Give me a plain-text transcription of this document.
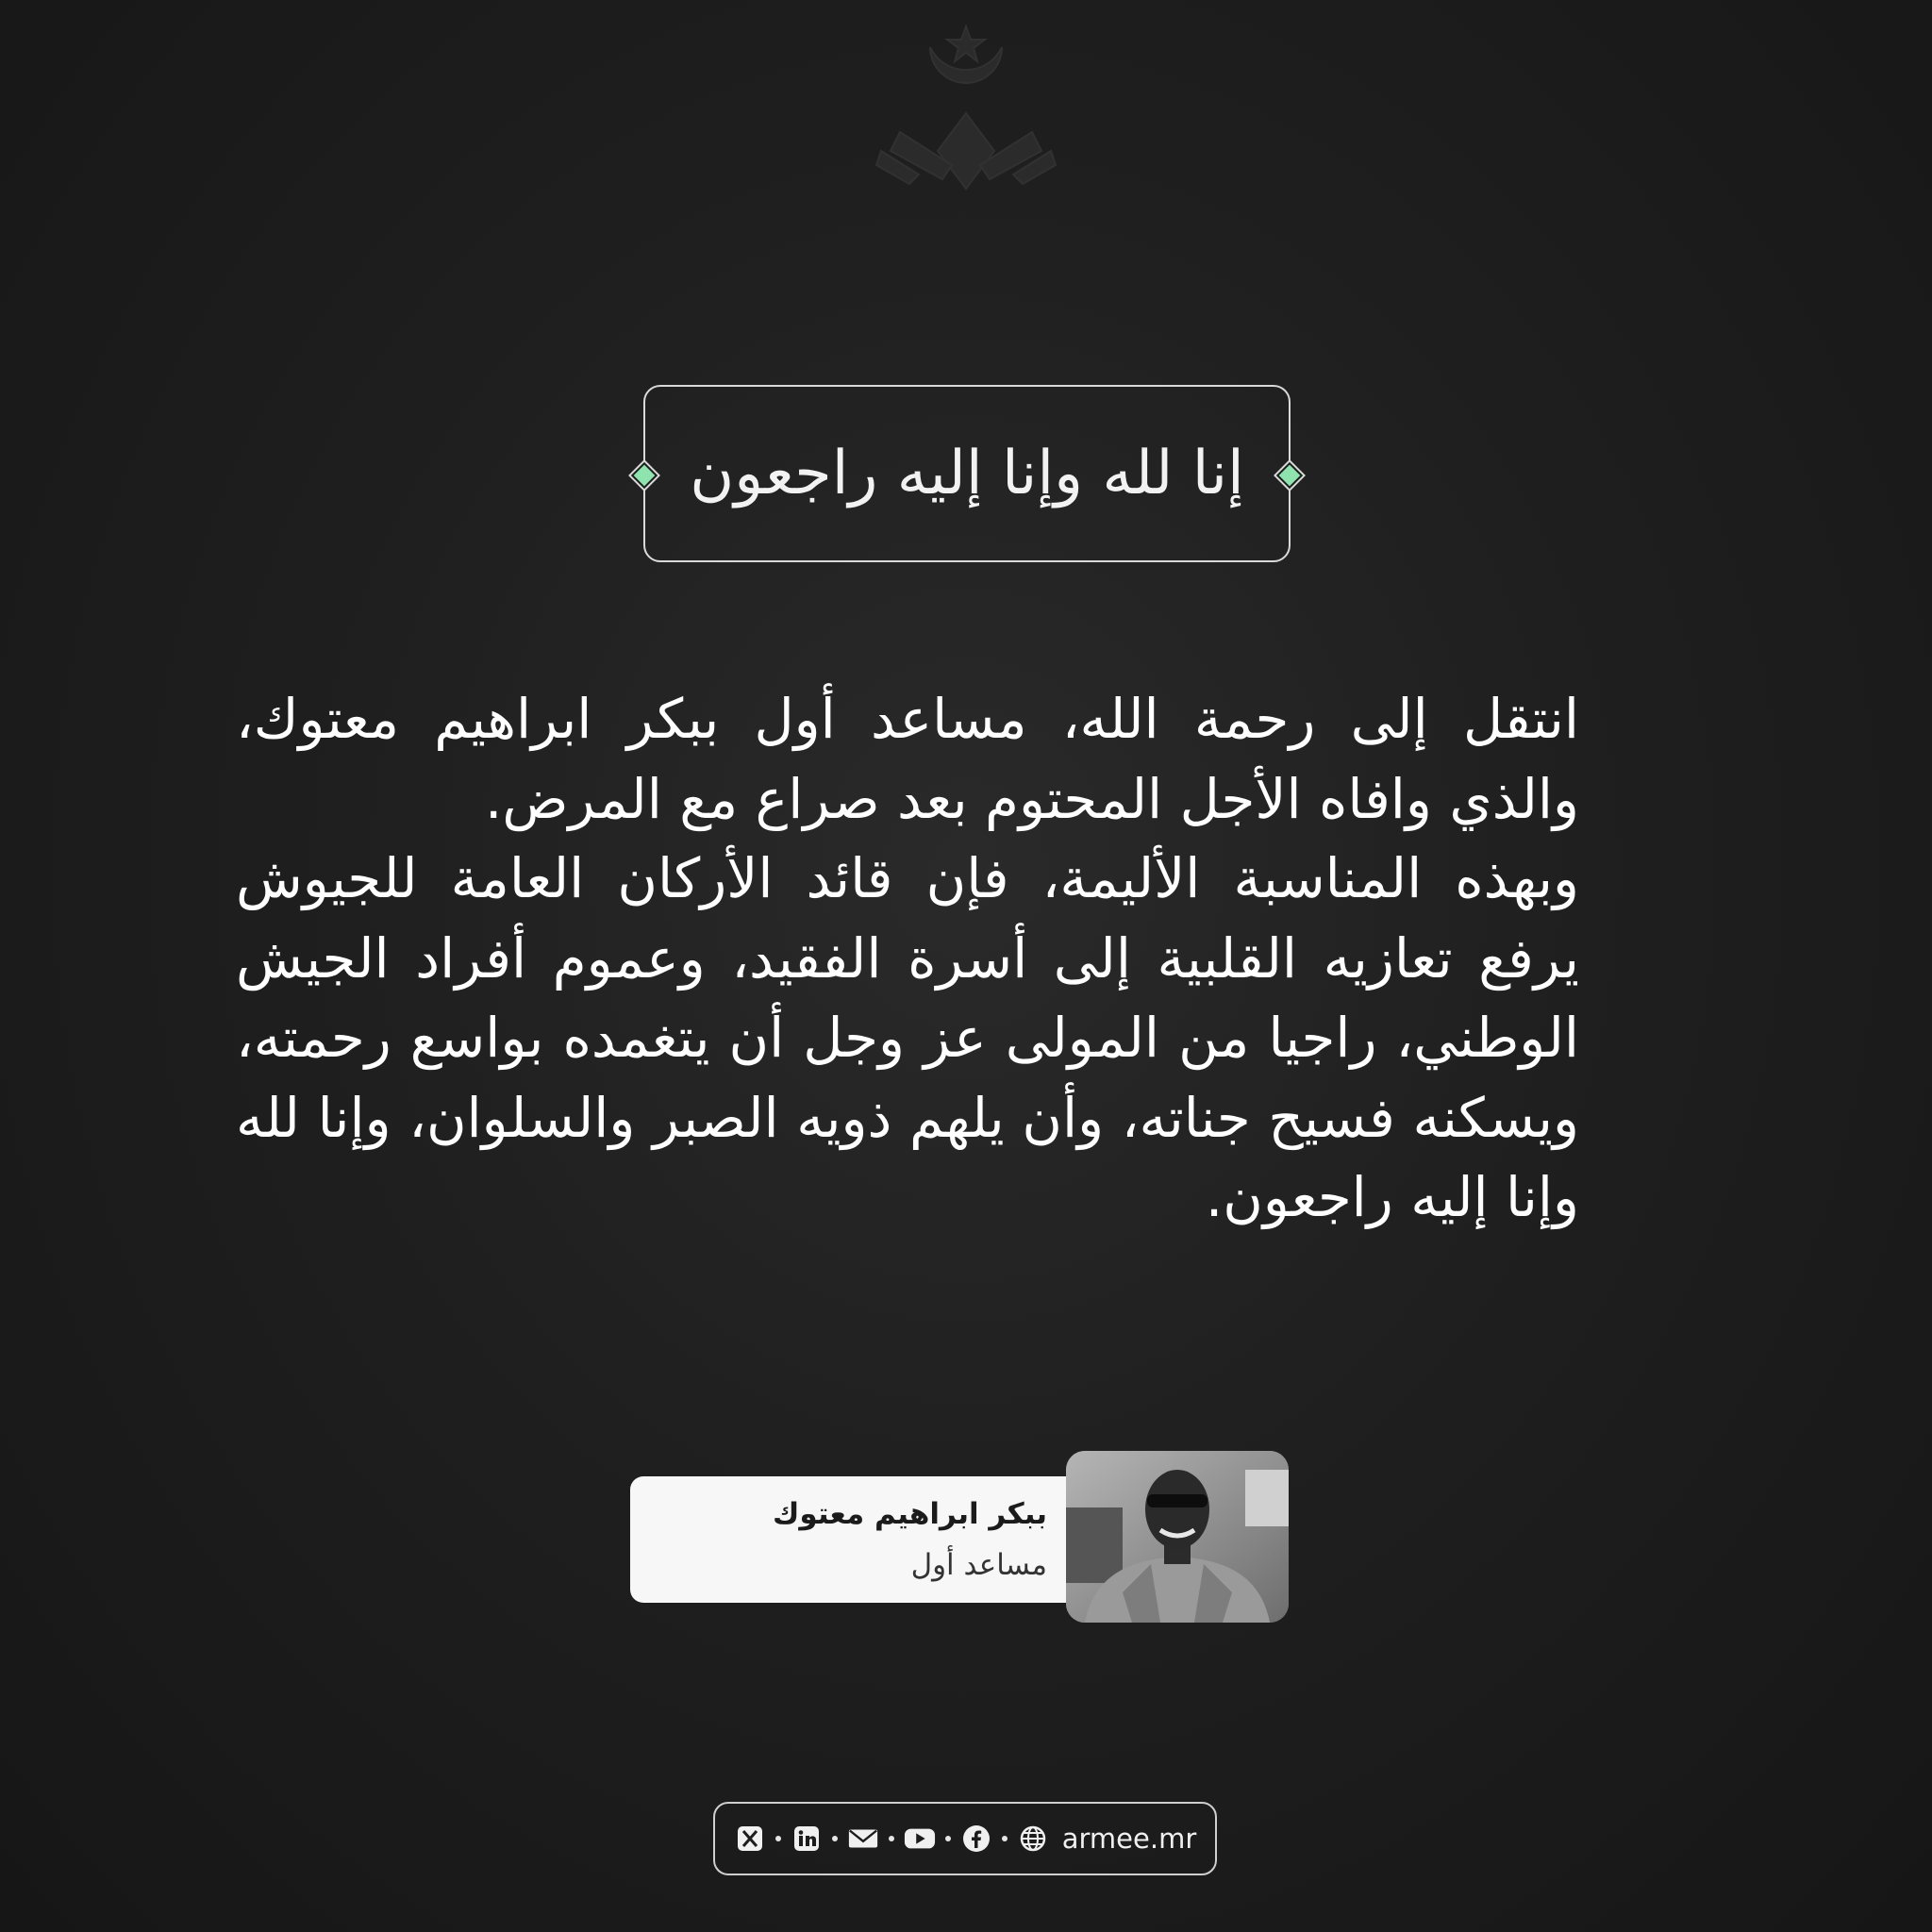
إنا لله وإنا إليه راجعون

انتقل إلى رحمة الله، مساعد أول ببكر ابراهيم معتوك، والذي وافاه الأجل المحتوم بعد صراع مع المرض.

وبهذه المناسبة الأليمة، فإن قائد الأركان العامة للجيوش يرفع تعازيه القلبية إلى أسرة الفقيد، وعموم أفراد الجيش الوطني، راجيا من المولى عز وجل أن يتغمده بواسع رحمته، ويسكنه فسيح جناته، وأن يلهم ذويه الصبر والسلوان، وإنا لله وإنا إليه راجعون.

ببكر ابراهيم معتوك
مساعد أول
armee.mr
